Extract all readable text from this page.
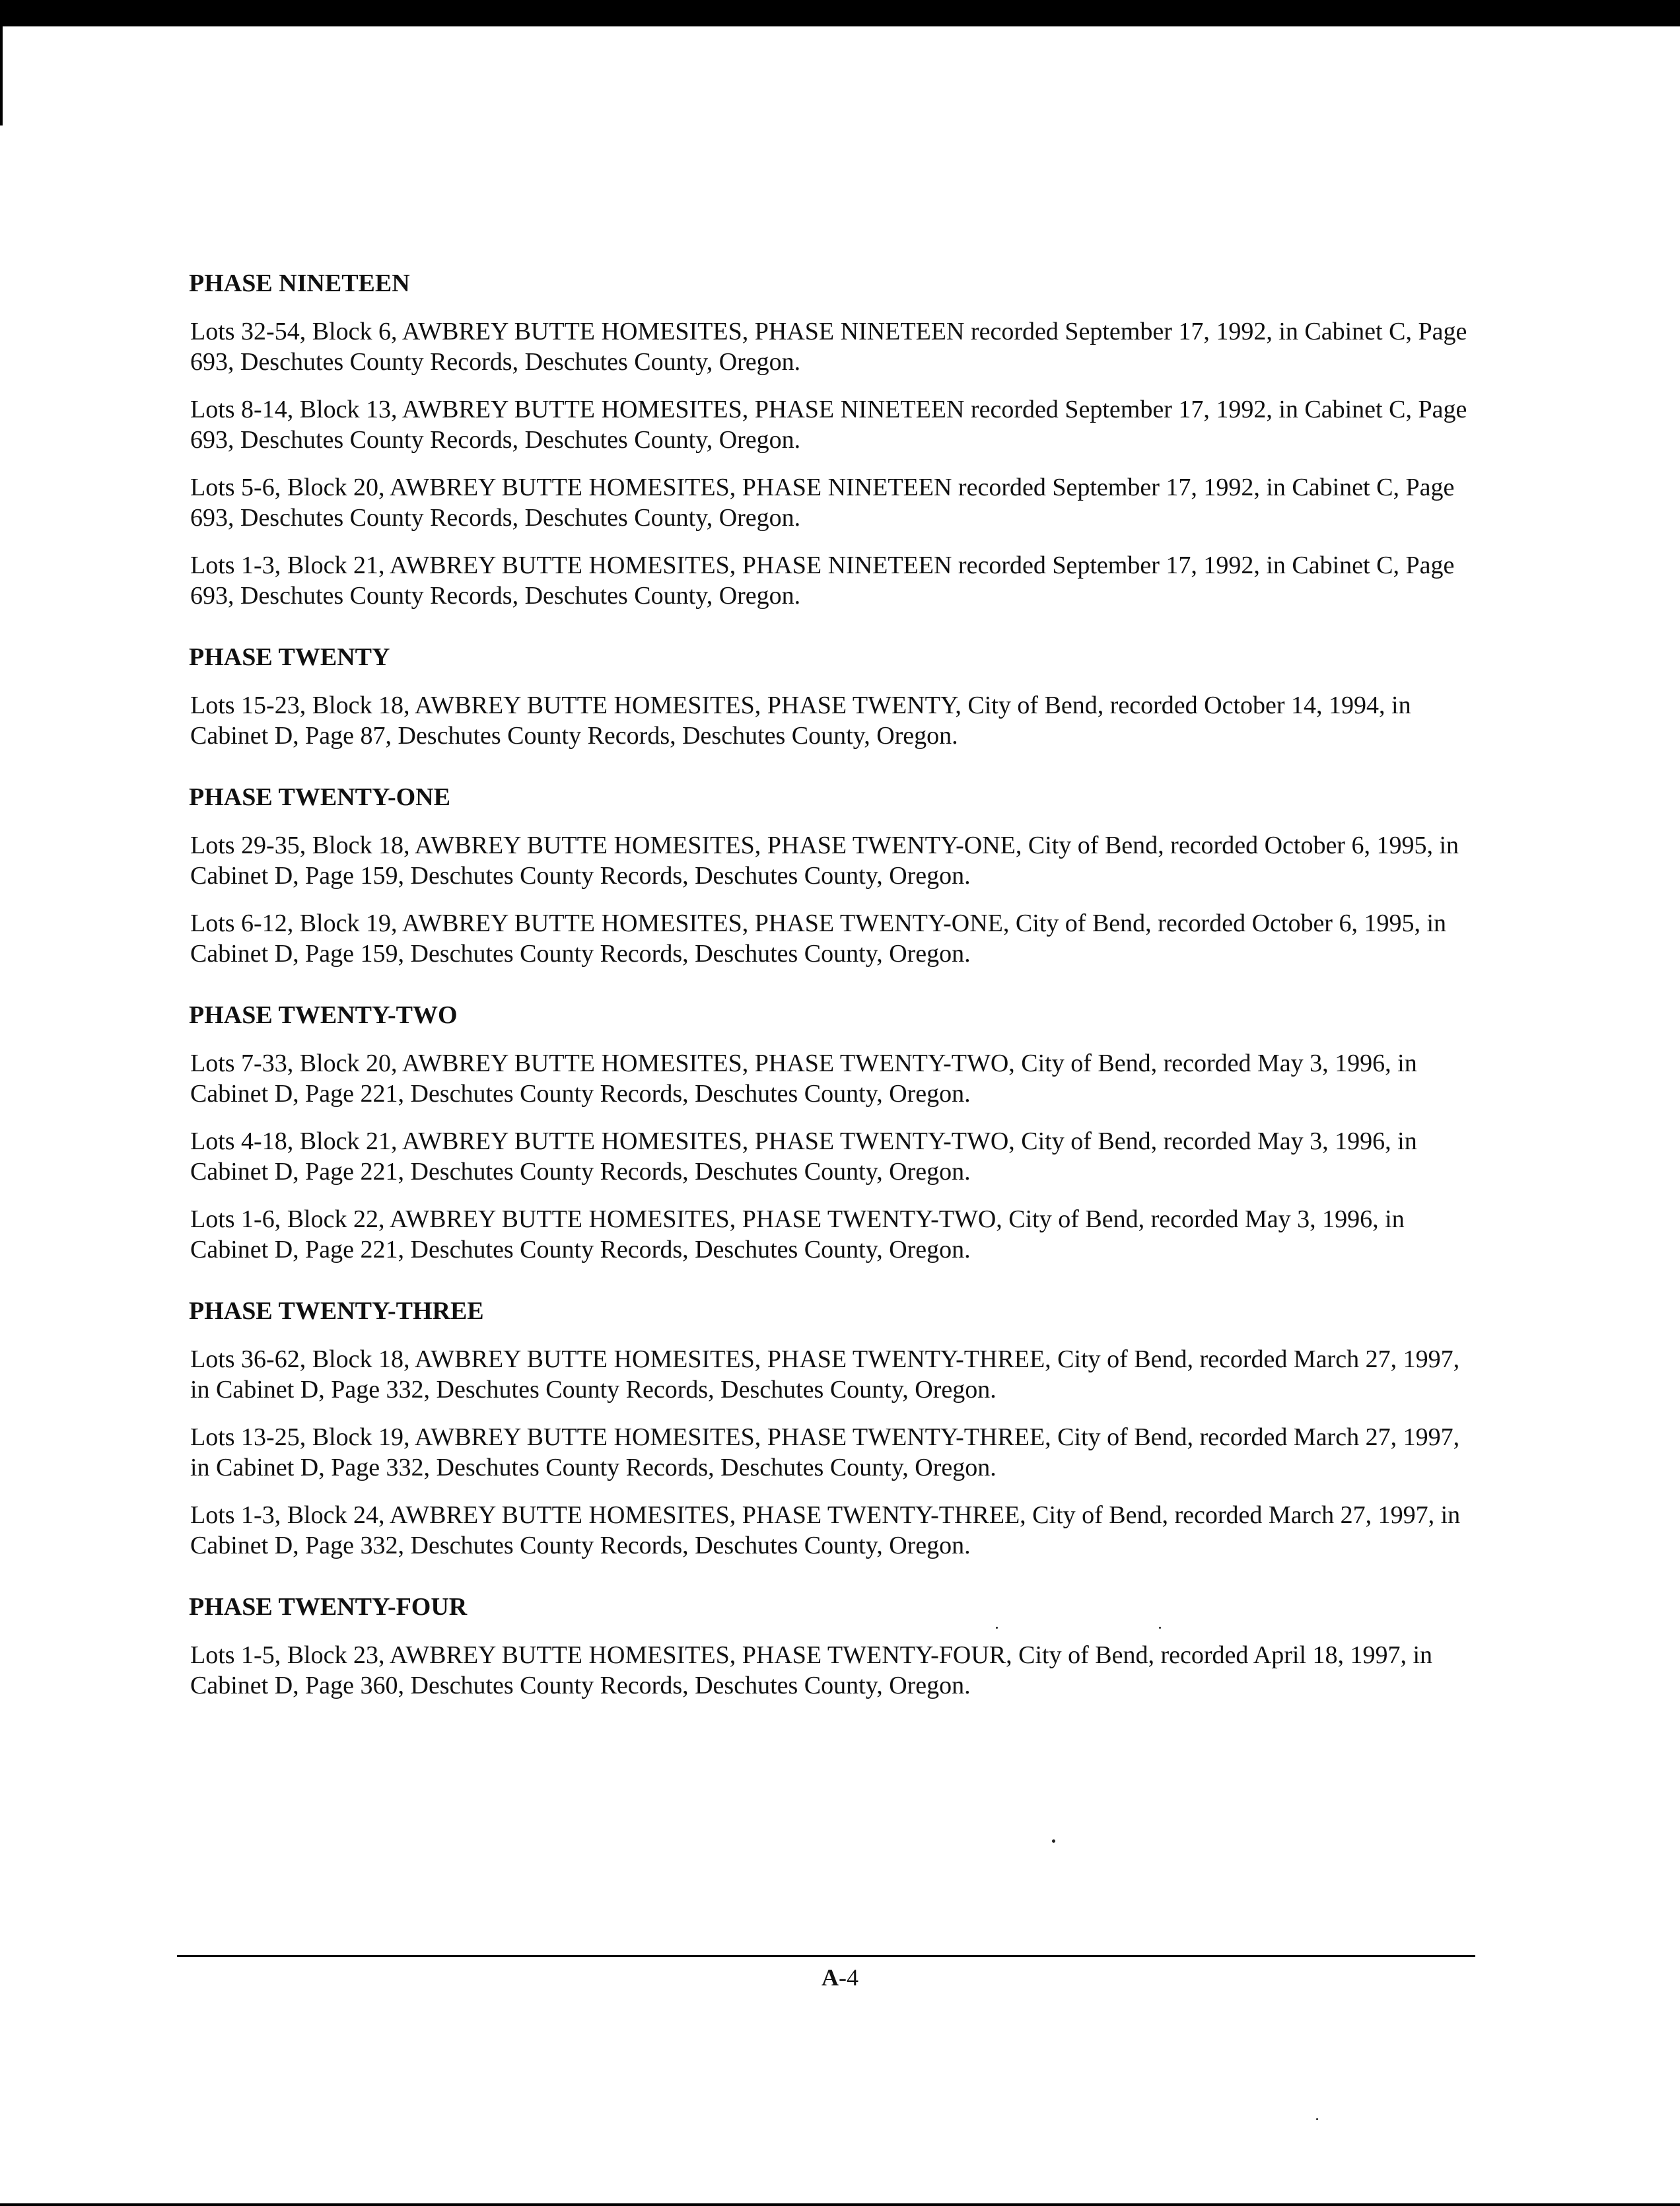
PHASE NINETEEN

Lots 32-54, Block 6, AWBREY BUTTE HOMESITES, PHASE NINETEEN recorded September 17, 1992, in Cabinet C, Page 693, Deschutes County Records, Deschutes County, Oregon.

Lots 8-14, Block 13, AWBREY BUTTE HOMESITES, PHASE NINETEEN recorded September 17, 1992, in Cabinet C, Page 693, Deschutes County Records, Deschutes County, Oregon.

Lots 5-6, Block 20, AWBREY BUTTE HOMESITES, PHASE NINETEEN recorded September 17, 1992, in Cabinet C, Page 693, Deschutes County Records, Deschutes County, Oregon.

Lots 1-3, Block 21, AWBREY BUTTE HOMESITES, PHASE NINETEEN recorded September 17, 1992, in Cabinet C, Page 693, Deschutes County Records, Deschutes County, Oregon.

PHASE TWENTY

Lots 15-23, Block 18, AWBREY BUTTE HOMESITES, PHASE TWENTY, City of Bend, recorded October 14, 1994, in Cabinet D, Page 87, Deschutes County Records, Deschutes County, Oregon.

PHASE TWENTY-ONE

Lots 29-35, Block 18, AWBREY BUTTE HOMESITES, PHASE TWENTY-ONE, City of Bend, recorded October 6, 1995, in Cabinet D, Page 159, Deschutes County Records, Deschutes County, Oregon.

Lots 6-12, Block 19, AWBREY BUTTE HOMESITES, PHASE TWENTY-ONE, City of Bend, recorded October 6, 1995, in Cabinet D, Page 159, Deschutes County Records, Deschutes County, Oregon.

PHASE TWENTY-TWO

Lots 7-33, Block 20, AWBREY BUTTE HOMESITES, PHASE TWENTY-TWO, City of Bend, recorded May 3, 1996, in Cabinet D, Page 221, Deschutes County Records, Deschutes County, Oregon.

Lots 4-18, Block 21, AWBREY BUTTE HOMESITES, PHASE TWENTY-TWO, City of Bend, recorded May 3, 1996, in Cabinet D, Page 221, Deschutes County Records, Deschutes County, Oregon.

Lots 1-6, Block 22, AWBREY BUTTE HOMESITES, PHASE TWENTY-TWO, City of Bend, recorded May 3, 1996, in Cabinet D, Page 221, Deschutes County Records, Deschutes County, Oregon.

PHASE TWENTY-THREE

Lots 36-62, Block 18, AWBREY BUTTE HOMESITES, PHASE TWENTY-THREE, City of Bend, recorded March 27, 1997, in Cabinet D, Page 332, Deschutes County Records, Deschutes County, Oregon.

Lots 13-25, Block 19, AWBREY BUTTE HOMESITES, PHASE TWENTY-THREE, City of Bend, recorded March 27, 1997, in Cabinet D, Page 332, Deschutes County Records, Deschutes County, Oregon.

Lots 1-3, Block 24, AWBREY BUTTE HOMESITES, PHASE TWENTY-THREE, City of Bend, recorded March 27, 1997, in Cabinet D, Page 332, Deschutes County Records, Deschutes County, Oregon.

PHASE TWENTY-FOUR

Lots 1-5, Block 23, AWBREY BUTTE HOMESITES, PHASE TWENTY-FOUR, City of Bend, recorded April 18, 1997, in Cabinet D, Page 360, Deschutes County Records, Deschutes County, Oregon.

A-4
